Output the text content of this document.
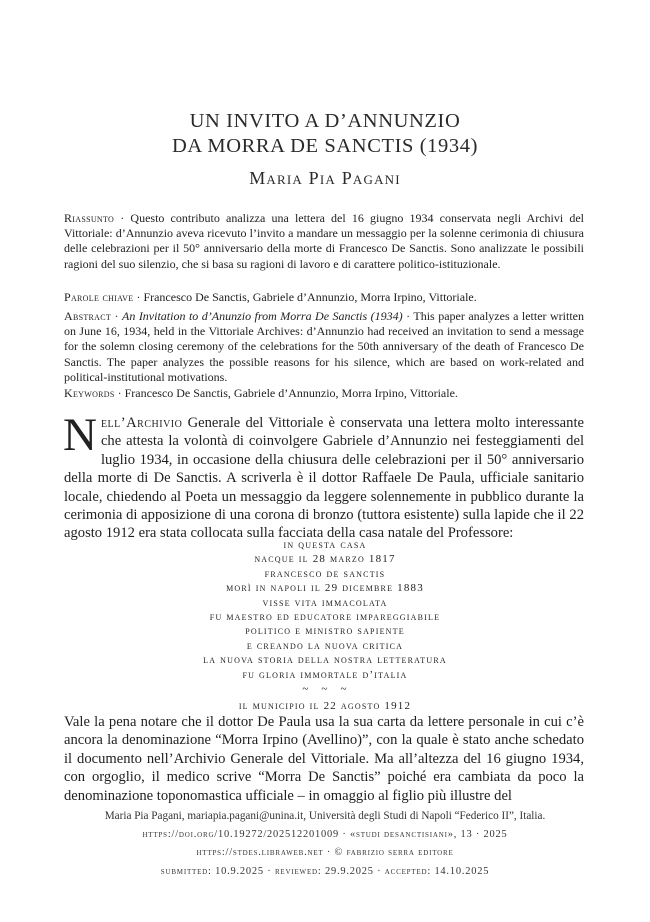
UN INVITO A D’ANNUNZIO
DA MORRA DE SANCTIS (1934)
Maria Pia Pagani
Riassunto · Questo contributo analizza una lettera del 16 giugno 1934 conservata negli Archivi del Vittoriale: d’Annunzio aveva ricevuto l’invito a mandare un messaggio per la solenne cerimonia di chiusura delle celebrazioni per il 50° anniversario della morte di Francesco De Sanctis. Sono analizzate le possibili ragioni del suo silenzio, che si basa su ragioni di lavoro e di carattere politico-istituzionale.
Parole chiave · Francesco De Sanctis, Gabriele d’Annunzio, Morra Irpino, Vittoriale.
Abstract · An Invitation to d’Anunzio from Morra De Sanctis (1934) · This paper analyzes a letter written on June 16, 1934, held in the Vittoriale Archives: d’Annunzio had received an invitation to send a message for the solemn closing ceremony of the celebrations for the 50th anniversary of the death of Francesco De Sanctis. The paper analyzes the possible reasons for his silence, which are based on work-related and political-institutional motivations.
Keywords · Francesco De Sanctis, Gabriele d’Annunzio, Morra Irpino, Vittoriale.
Nell’Archivio Generale del Vittoriale è conservata una lettera molto interessante che attesta la volontà di coinvolgere Gabriele d’Annunzio nei festeggiamenti del luglio 1934, in occasione della chiusura delle celebrazioni per il 50° anniversario della morte di De Sanctis. A scriverla è il dottor Raffaele De Paula, ufficiale sanitario locale, chiedendo al Poeta un messaggio da leggere solennemente in pubblico durante la cerimonia di apposizione di una corona di bronzo (tuttora esistente) sulla lapide che il 22 agosto 1912 era stata collocata sulla facciata della casa natale del Professore:
in questa casa
nacque il 28 marzo 1817
francesco de sanctis
morì in napoli il 29 dicembre 1883
visse vita immacolata
fu maestro ed educatore impareggiabile
politico e ministro sapiente
e creando la nuova critica
la nuova storia della nostra letteratura
fu gloria immortale d’italia
~ ~ ~
il municipio il 22 agosto 1912
Vale la pena notare che il dottor De Paula usa la sua carta da lettere personale in cui c’è ancora la denominazione “Morra Irpino (Avellino)”, con la quale è stato anche schedato il documento nell’Archivio Generale del Vittoriale. Ma all’altezza del 16 giugno 1934, con orgoglio, il medico scrive “Morra De Sanctis” poiché era cambiata da poco la denominazione toponomastica ufficiale – in omaggio al figlio più illustre del
Maria Pia Pagani, mariapia.pagani@unina.it, Università degli Studi di Napoli “Federico II”, Italia.
https://doi.org/10.19272/202512201009 · «studi desanctisiani», 13 · 2025
https://stdes.libraweb.net · © fabrizio serra editore
submitted: 10.9.2025 · reviewed: 29.9.2025 · accepted: 14.10.2025
